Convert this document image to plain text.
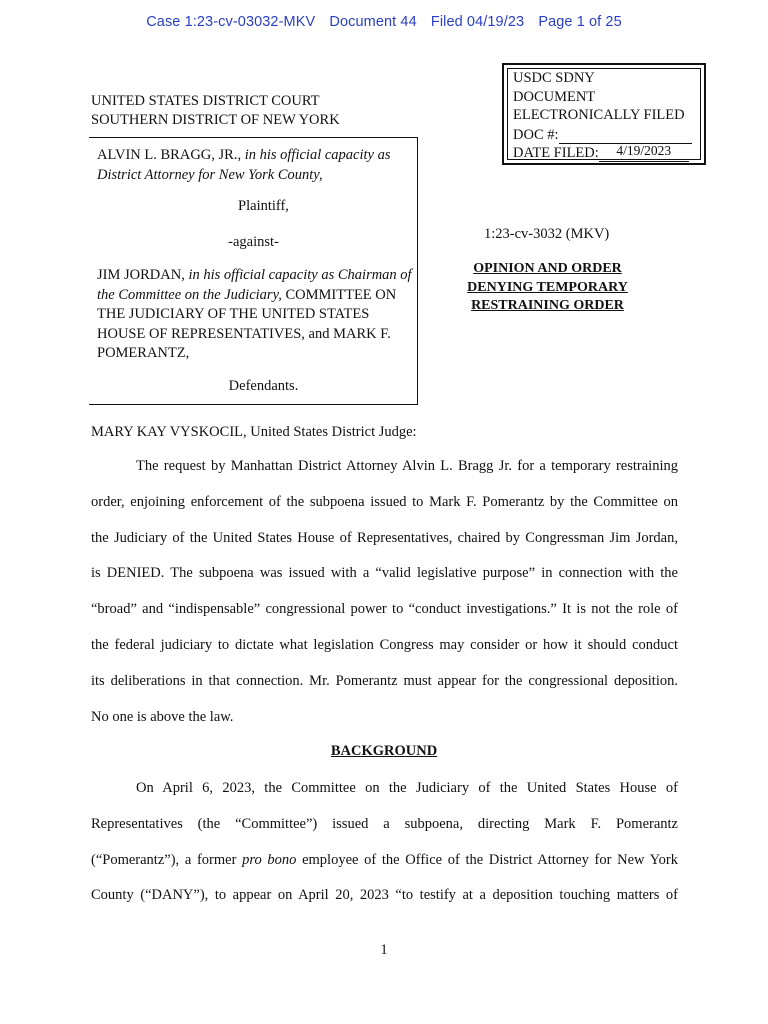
Case 1:23-cv-03032-MKV Document 44 Filed 04/19/23 Page 1 of 25
UNITED STATES DISTRICT COURT
SOUTHERN DISTRICT OF NEW YORK
USDC SDNY
DOCUMENT
ELECTRONICALLY FILED
DOC #:
DATE FILED: 4/19/2023
ALVIN L. BRAGG, JR., in his official capacity as District Attorney for New York County,
Plaintiff,
-against-
JIM JORDAN, in his official capacity as Chairman of the Committee on the Judiciary, COMMITTEE ON THE JUDICIARY OF THE UNITED STATES HOUSE OF REPRESENTATIVES, and MARK F. POMERANTZ,
Defendants.
1:23-cv-3032 (MKV)
OPINION AND ORDER
DENYING TEMPORARY
RESTRAINING ORDER
MARY KAY VYSKOCIL, United States District Judge:
The request by Manhattan District Attorney Alvin L. Bragg Jr. for a temporary restraining
order, enjoining enforcement of the subpoena issued to Mark F. Pomerantz by the Committee on
the Judiciary of the United States House of Representatives, chaired by Congressman Jim Jordan,
is DENIED. The subpoena was issued with a “valid legislative purpose” in connection with the
“broad” and “indispensable” congressional power to “conduct investigations.” It is not the role of
the federal judiciary to dictate what legislation Congress may consider or how it should conduct
its deliberations in that connection. Mr. Pomerantz must appear for the congressional deposition.
No one is above the law.
BACKGROUND
On April 6, 2023, the Committee on the Judiciary of the United States House of
Representatives (the “Committee”) issued a subpoena, directing Mark F. Pomerantz
(“Pomerantz”), a former pro bono employee of the Office of the District Attorney for New York
County (“DANY”), to appear on April 20, 2023 “to testify at a deposition touching matters of
1
